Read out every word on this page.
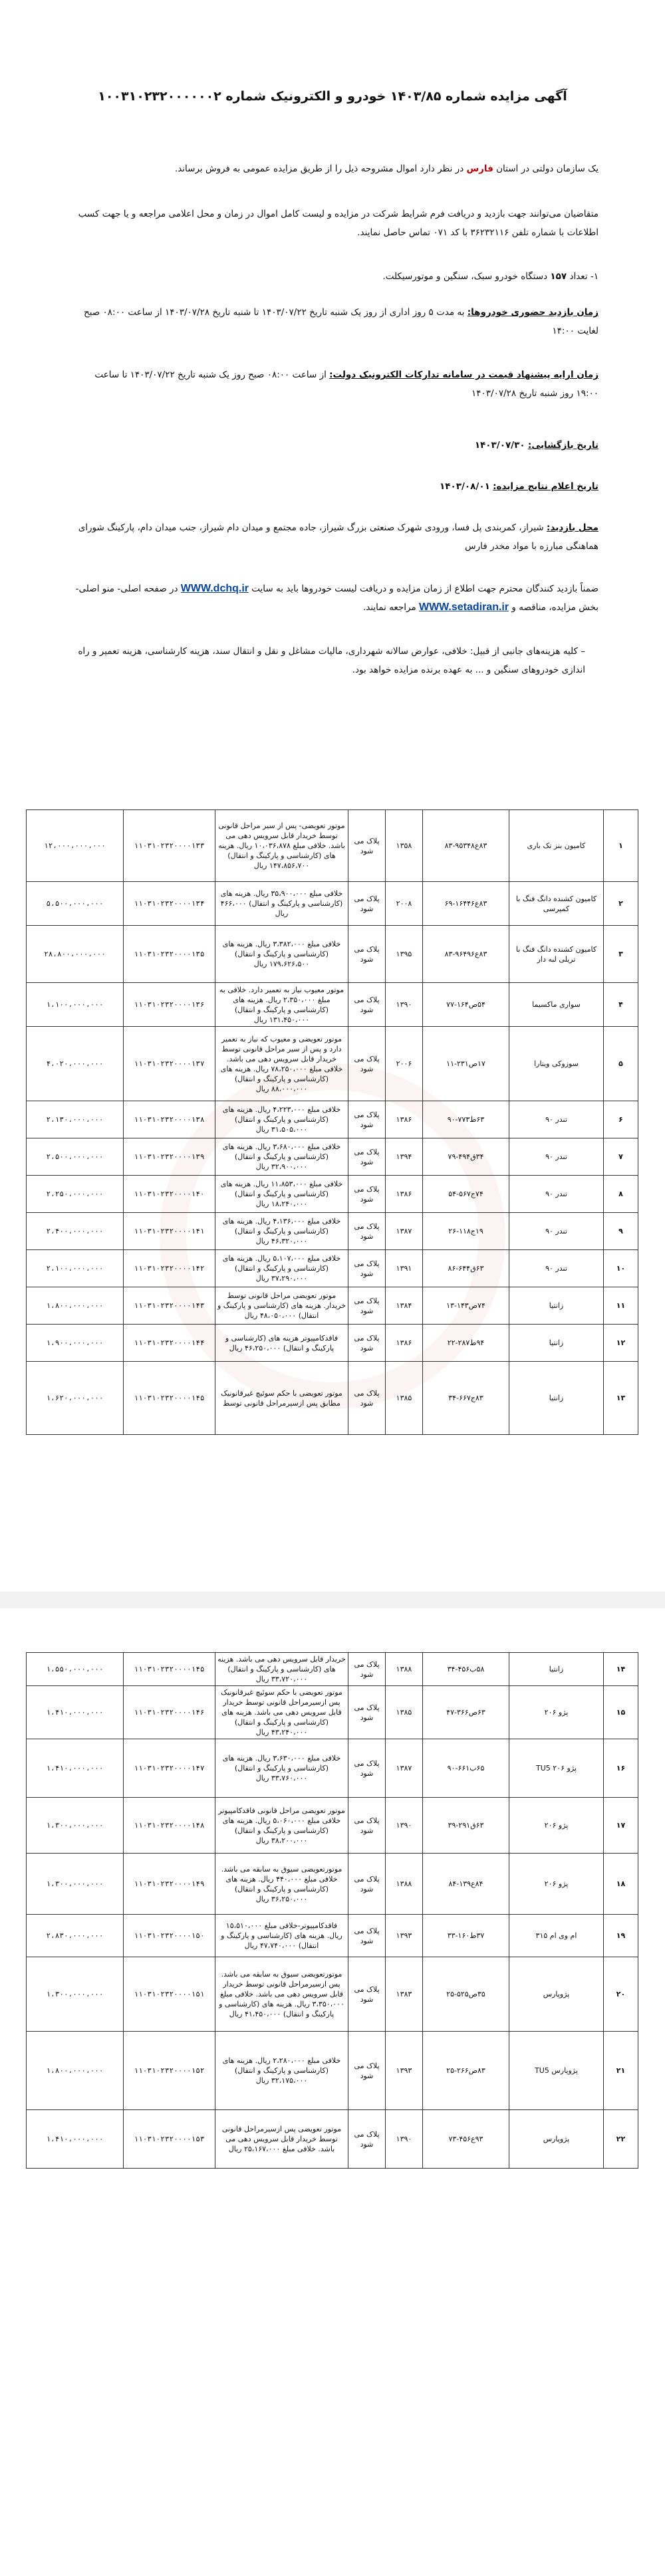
آگهی مزایده شماره ۱۴۰۳/۸۵ خودرو و الکترونیک شماره ۱۰۰۳۱۰۲۳۲۰۰۰۰۰۰۲
یک سازمان دولتی در استان فارس در نظر دارد اموال مشروحه ذیل را از طریق مزایده عمومی به فروش برساند.
متقاضیان می‌توانند جهت بازدید و دریافت فرم شرایط شرکت در مزایده و لیست کامل اموال در زمان و محل اعلامی مراجعه و یا جهت کسب اطلاعات با شماره تلفن ۳۶۲۳۲۱۱۶ با کد ۰۷۱ تماس حاصل نمایند.
۱- تعداد ۱۵۷ دستگاه خودرو سبک، سنگین و موتورسیکلت.
زمان بازدید حضوری خودروها: به مدت ۵ روز اداری از روز یک شنبه تاریخ ۱۴۰۳/۰۷/۲۲ تا شنبه تاریخ ۱۴۰۳/۰۷/۲۸ از ساعت ۰۸:۰۰ صبح لغایت ۱۴:۰۰
زمان ارایه پیشنهاد قیمت در سامانه تدارکات الکترونیک دولت: از ساعت ۰۸:۰۰ صبح روز یک شنبه تاریخ ۱۴۰۳/۰۷/۲۲ تا ساعت ۱۹:۰۰ روز شنبه تاریخ ۱۴۰۳/۰۷/۲۸
تاریخ بازگشایی: ۱۴۰۳/۰۷/۳۰
تاریخ اعلام نتایج مزایده: ۱۴۰۳/۰۸/۰۱
محل بازدید: شیراز، کمربندی پل فسا، ورودی شهرک صنعتی بزرگ شیراز، جاده مجتمع و میدان دام شیراز، جنب میدان دام، پارکینگ شورای هماهنگی مبارزه با مواد مخدر فارس
ضمناً بازدید کنندگان محترم جهت اطلاع از زمان مزایده و دریافت لیست خودروها باید به سایت WWW.dchq.ir در صفحه اصلی- منو اصلی- بخش مزایده، مناقصه و WWW.setadiran.ir مراجعه نمایند.
– کلیه هزینه‌های جانبی از قبیل: خلافی، عوارض سالانه شهرداری، مالیات مشاغل و نقل و انتقال سند، هزینه کارشناسی، هزینه تعمیر و راه اندازی خودروهای سنگین و ... به عهده برنده مزایده خواهد بود.
۱	کامیون بنز تک باری	۸۳ع۹۵۳۴۸-۸۳	۱۳۵۸	پلاک می شود	موتور تعویضی- پس از سیر مراحل قانونی توسط خریدار قابل سرویس دهی می باشد. خلافی مبلغ ۱۰،۰۳۶،۸۷۸ ریال. هزینه های (کارشناسی و پارکینگ و انتقال) ۱۴۷،۸۵۶،۷۰۰ ریال	۱۱۰۳۱۰۲۳۲۰۰۰۰۱۳۳	۱۲،۰۰۰،۰۰۰،۰۰۰
۲	کامیون کشنده دانگ فنگ با کمپرسی	۸۳ع۱۶۴۴۶-۶۹	۲۰۰۸	پلاک می شود	خلافی مبلغ ۳۵،۹۰۰،۰۰۰ ریال. هزینه های (کارشناسی و پارکینگ و انتقال) ۴۶۶،۰۰۰ ریال	۱۱۰۳۱۰۲۳۲۰۰۰۰۱۳۴	۵،۵۰۰،۰۰۰،۰۰۰
۳	کامیون کشنده دانگ فنگ با تریلی لبه دار	۸۳ع۹۶۴۹۶-۸۳	۱۳۹۵	پلاک می شود	خلافی مبلغ ۳،۳۸۲،۰۰۰ ریال. هزینه های (کارشناسی و پارکینگ و انتقال) ۱۷۹،۶۲۶،۵۰۰ ریال	۱۱۰۳۱۰۲۳۲۰۰۰۰۱۳۵	۲۸،۸۰۰،۰۰۰،۰۰۰
۴	سواری ماکسیما	۵۴ص۱۶۴-۷۷	۱۳۹۰	پلاک می شود	موتور معیوب نیاز به تعمیر دارد. خلافی به مبلغ ۲،۳۵۰،۰۰۰ ریال. هزینه های (کارشناسی و پارکینگ و انتقال) ۱۳۱،۴۵۰،۰۰۰ ریال	۱۱۰۳۱۰۲۳۲۰۰۰۰۱۳۶	۱،۱۰۰،۰۰۰،۰۰۰
۵	سوزوکی ویتارا	۱۷ص۲۳۱-۱۱	۲۰۰۶	پلاک می شود	موتور تعویضی و معیوب که نیاز به تعمیر دارد و پس از سیر مراحل قانونی توسط خریدار قابل سرویس دهی می باشد. خلافی مبلغ ۷۸،۲۵۰،۰۰۰ ریال. هزینه های (کارشناسی و پارکینگ و انتقال) ۸۸،۰۰۰،۰۰۰ ریال	۱۱۰۳۱۰۲۳۲۰۰۰۰۱۳۷	۴،۰۲۰،۰۰۰،۰۰۰
۶	تندر ۹۰	۶۳ط۷۷۳-۹۰	۱۳۸۶	پلاک می شود	خلافی مبلغ ۴،۲۲۳،۰۰۰ ریال. هزینه های (کارشناسی و پارکینگ و انتقال) ۳۱،۵۰۵،۰۰۰ ریال	۱۱۰۳۱۰۲۳۲۰۰۰۰۱۳۸	۲،۱۳۰،۰۰۰،۰۰۰
۷	تندر ۹۰	۳۴ق۴۹۴-۷۹	۱۳۹۴	پلاک می شود	خلافی مبلغ ۳،۶۸۰،۰۰۰ ریال. هزینه های (کارشناسی و پارکینگ و انتقال) ۳۲،۹۰۰،۰۰۰ ریال	۱۱۰۳۱۰۲۳۲۰۰۰۰۱۳۹	۲،۵۰۰،۰۰۰،۰۰۰
۸	تندر ۹۰	۷۴ج۵۶۷-۵۴	۱۳۸۶	پلاک می شود	خلافی مبلغ ۱۱،۸۵۳،۰۰۰ ریال. هزینه های (کارشناسی و پارکینگ و انتقال) ۱۸،۲۴۰،۰۰۰ ریال	۱۱۰۳۱۰۲۳۲۰۰۰۰۱۴۰	۲،۲۵۰،۰۰۰،۰۰۰
۹	تندر ۹۰	۱۹ج۱۱۸-۲۶	۱۳۸۷	پلاک می شود	خلافی مبلغ ۴،۱۳۶،۰۰۰ ریال. هزینه های (کارشناسی و پارکینگ و انتقال) ۴۶،۳۲۰،۰۰۰ ریال	۱۱۰۳۱۰۲۳۲۰۰۰۰۱۴۱	۲،۴۰۰،۰۰۰،۰۰۰
۱۰	تندر ۹۰	۶۳ق۶۴۴-۸۶	۱۳۹۱	پلاک می شود	خلافی مبلغ ۵،۱۰۷،۰۰۰ ریال. هزینه های (کارشناسی و پارکینگ و انتقال) ۳۷،۲۹۰،۰۰۰ ریال	۱۱۰۳۱۰۲۳۲۰۰۰۰۱۴۲	۲،۱۰۰،۰۰۰،۰۰۰
۱۱	زانتیا	۷۴ص۱۴۳-۱۳	۱۳۸۴	پلاک می شود	موتور تعویضی مراحل قانونی توسط خریدار. هزینه های (کارشناسی و پارکینگ و انتقال) ۴۸،۰۵۰،۰۰۰ ریال	۱۱۰۳۱۰۲۳۲۰۰۰۰۱۴۳	۱،۸۰۰،۰۰۰،۰۰۰
۱۲	زانتیا	۹۴ط۲۸۷-۲۲	۱۳۸۶	پلاک می شود	فاقدکامپیوتر هزینه های (کارشناسی و پارکینگ و انتقال) ۴۶،۲۵۰،۰۰۰ ریال	۱۱۰۳۱۰۲۳۲۰۰۰۰۱۴۴	۱،۹۰۰،۰۰۰،۰۰۰
۱۳	زانتیا	۸۳ج۶۶۷-۳۴	۱۳۸۵	پلاک می شود	موتور تعویضی با حکم سوئیچ غیرقانونیک مطابق پس ازسیرمراحل قانونی توسط	۱۱۰۳۱۰۲۳۲۰۰۰۰۱۴۵	۱،۶۲۰،۰۰۰،۰۰۰
۱۴	زانتیا	۵۸ب۴۵۶-۳۴	۱۳۸۸	پلاک می شود	خریدار قابل سرویس دهی می باشد. هزینه های (کارشناسی و پارکینگ و انتقال) ۳۳،۷۲۰،۰۰۰ ریال	۱۱۰۳۱۰۲۳۲۰۰۰۰۱۴۵	۱،۵۵۰،۰۰۰،۰۰۰
۱۵	پژو ۲۰۶	۶۳ص۳۶۶-۴۷	۱۳۸۵	پلاک می شود	موتور تعویضی با حکم سوئیچ غیرقانونیک پس ازسیرمراحل قانونی توسط خریدار قابل سرویس دهی می باشد. هزینه های (کارشناسی و پارکینگ و انتقال) ۴۳،۲۴۰،۰۰۰ ریال	۱۱۰۳۱۰۲۳۲۰۰۰۰۱۴۶	۱،۴۱۰،۰۰۰،۰۰۰
۱۶	پژو ۲۰۶ TU5	۶۵ب۶۶۱-۹۰	۱۳۸۷	پلاک می شود	خلافی مبلغ ۳،۶۳۰،۰۰۰ ریال. هزینه های (کارشناسی و پارکینگ و انتقال) ۳۳،۷۶۰،۰۰۰ ریال	۱۱۰۳۱۰۲۳۲۰۰۰۰۱۴۷	۱،۴۱۰،۰۰۰،۰۰۰
۱۷	پژو ۲۰۶	۶۳ق۲۹۱-۳۹	۱۳۹۰	پلاک می شود	موتور تعویضی مراحل قانونی فاقدکامپیوتر خلافی مبلغ ۵،۰۶۰،۰۰۰ ریال. هزینه های (کارشناسی و پارکینگ و انتقال) ۳۸،۲۰۰،۰۰۰ ریال	۱۱۰۳۱۰۲۳۲۰۰۰۰۱۴۸	۱،۳۰۰،۰۰۰،۰۰۰
۱۸	پژو ۲۰۶	۸۴ع۱۳۹-۸۴	۱۳۸۸	پلاک می شود	موتورتعویضی سیوق به سابقه می باشد. خلافی مبلغ ۴۴۰،۰۰۰ ریال. هزینه های (کارشناسی و پارکینگ و انتقال) ۳۶،۲۵۰،۰۰۰ ریال	۱۱۰۳۱۰۲۳۲۰۰۰۰۱۴۹	۱،۳۰۰،۰۰۰،۰۰۰
۱۹	ام وی ام ۳۱۵	۳۷ط۱۶۰-۳۳	۱۳۹۳	پلاک می شود	فاقدکامپیوتر-خلافی مبلغ ۱۵،۵۱۰،۰۰۰ ریال. هزینه های (کارشناسی و پارکینگ و انتقال) ۴۷،۷۴۰،۰۰۰ ریال	۱۱۰۳۱۰۲۳۲۰۰۰۰۱۵۰	۲،۸۳۰،۰۰۰،۰۰۰
۲۰	پژوپارس	۳۵ص۵۲۵-۲۵	۱۳۸۳	پلاک می شود	موتورتعویضی سیوق به سابقه می باشد. پس ازسیرمراحل قانونی توسط خریدار قابل سرویس دهی می باشد. خلافی مبلغ ۳،۳۵۰،۰۰۰ ریال. هزینه های (کارشناسی و پارکینگ و انتقال) ۴۱،۴۵۰،۰۰۰ ریال	۱۱۰۳۱۰۲۳۲۰۰۰۰۱۵۱	۱،۳۰۰،۰۰۰،۰۰۰
۲۱	پژوپارس TU5	۸۳ص۲۶۶-۲۵	۱۳۹۳	پلاک می شود	خلافی مبلغ ۲،۲۸۰،۰۰۰ ریال. هزینه های (کارشناسی و پارکینگ و انتقال) ۳۲،۱۷۵،۰۰۰ ریال	۱۱۰۳۱۰۲۳۲۰۰۰۰۱۵۲	۱،۸۰۰،۰۰۰،۰۰۰
۲۲	پژوپارس	۹۳ع۴۵۶-۷۳	۱۳۹۰	پلاک می شود	موتور تعویضی پس ازسیرمراحل قانونی توسط خریدار قابل سرویس دهی می باشد. خلافی مبلغ ۲۵،۱۶۷،۰۰۰ ریال	۱۱۰۳۱۰۲۳۲۰۰۰۰۱۵۳	۱،۴۱۰،۰۰۰،۰۰۰
